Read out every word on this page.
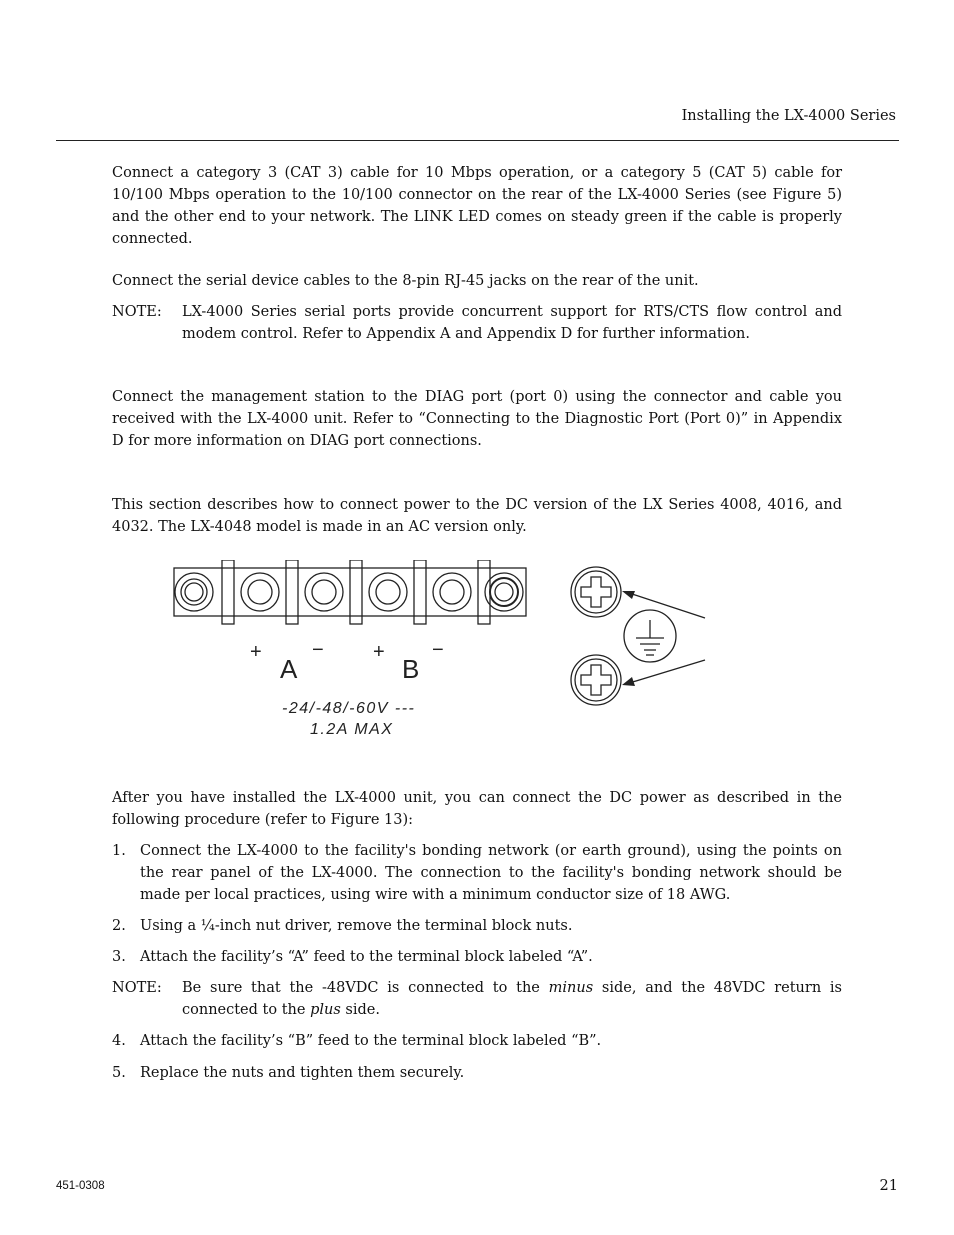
Installing the LX-4000 Series

Connect a category 3 (CAT 3) cable for 10 Mbps operation, or a category 5 (CAT 5) cable for 10/100 Mbps operation to the 10/100 connector on the rear of the LX-4000 Series (see Figure 5) and the other end to your network. The LINK LED comes on steady green if the cable is properly connected.

Connect the serial device cables to the 8-pin RJ-45 jacks on the rear of the unit.

NOTE: LX-4000 Series serial ports provide concurrent support for RTS/CTS flow control and modem control. Refer to Appendix A and Appendix D for further information.

Connect the management station to the DIAG port (port 0) using the connector and cable you received with the LX-4000 unit. Refer to “Connecting to the Diagnostic Port (Port 0)” in Appendix D for more information on DIAG port connections.

This section describes how to connect power to the DC version of the LX Series 4008, 4016, and 4032. The LX-4048 model is made in an AC version only.

+	− + −
A	B
-24/-48/-60V ---
1.2A MAX

After you have installed the LX-4000 unit, you can connect the DC power as described in the following procedure (refer to Figure 13):

1. Connect the LX-4000 to the facility's bonding network (or earth ground), using the points on the rear panel of the LX-4000. The connection to the facility's bonding network should be made per local practices, using wire with a minimum conductor size of 18 AWG.
2. Using a ¼-inch nut driver, remove the terminal block nuts.
3. Attach the facility’s “A” feed to the terminal block labeled “A”.
NOTE: Be sure that the -48VDC is connected to the minus side, and the 48VDC return is connected to the plus side.
4. Attach the facility’s “B” feed to the terminal block labeled “B”.
5. Replace the nuts and tighten them securely.
451-0308	21
